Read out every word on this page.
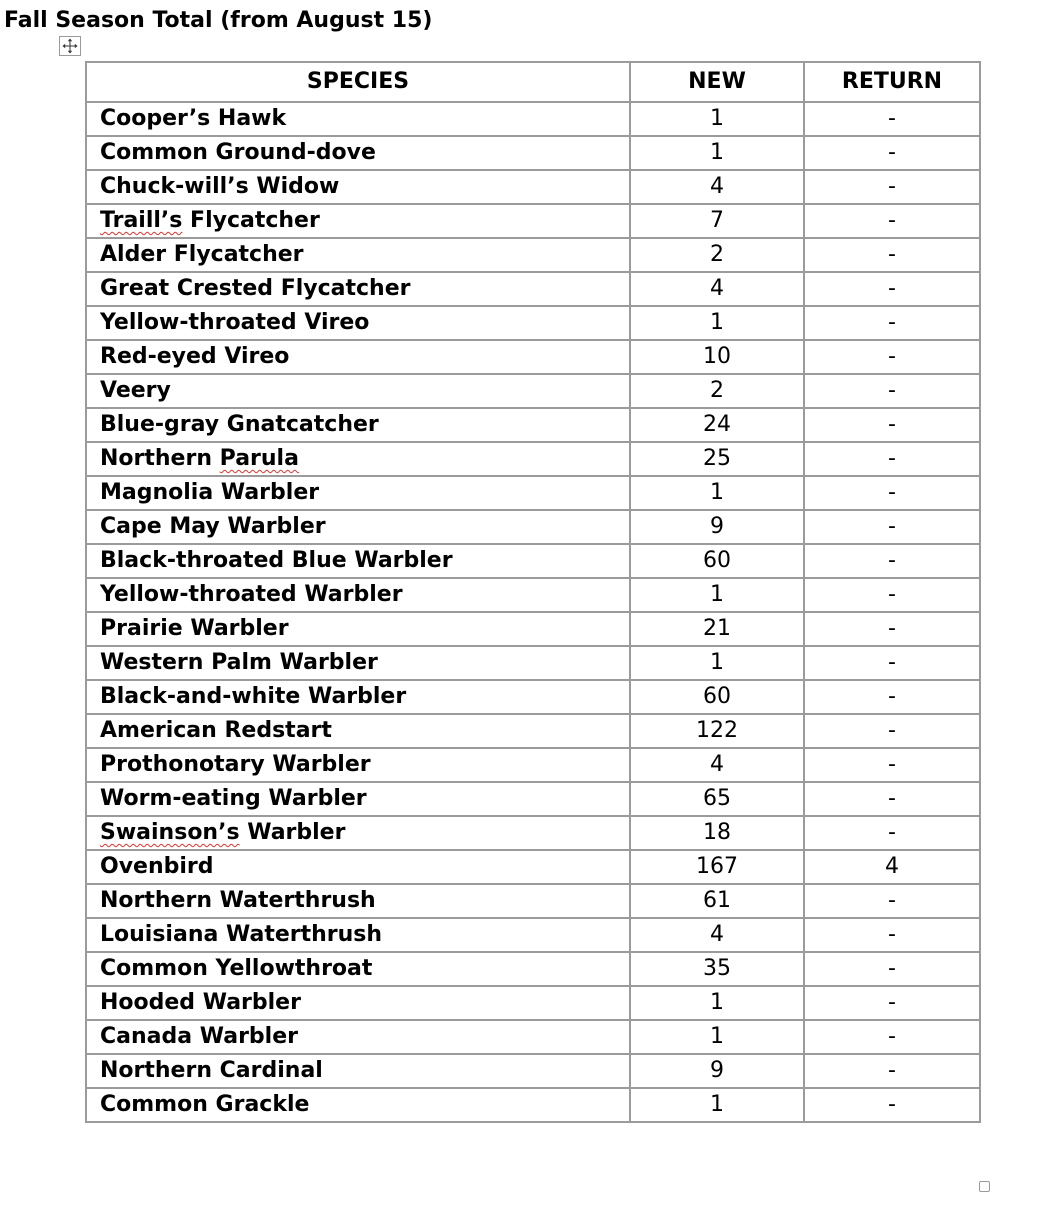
Fall Season Total (from August 15)
SPECIES	NEW	RETURN
Cooper’s Hawk	1	-
Common Ground-dove	1	-
Chuck-will’s Widow	4	-
Traill’s Flycatcher	7	-
Alder Flycatcher	2	-
Great Crested Flycatcher	4	-
Yellow-throated Vireo	1	-
Red-eyed Vireo	10	-
Veery	2	-
Blue-gray Gnatcatcher	24	-
Northern Parula	25	-
Magnolia Warbler	1	-
Cape May Warbler	9	-
Black-throated Blue Warbler	60	-
Yellow-throated Warbler	1	-
Prairie Warbler	21	-
Western Palm Warbler	1	-
Black-and-white Warbler	60	-
American Redstart	122	-
Prothonotary Warbler	4	-
Worm-eating Warbler	65	-
Swainson’s Warbler	18	-
Ovenbird	167	4
Northern Waterthrush	61	-
Louisiana Waterthrush	4	-
Common Yellowthroat	35	-
Hooded Warbler	1	-
Canada Warbler	1	-
Northern Cardinal	9	-
Common Grackle	1	-
